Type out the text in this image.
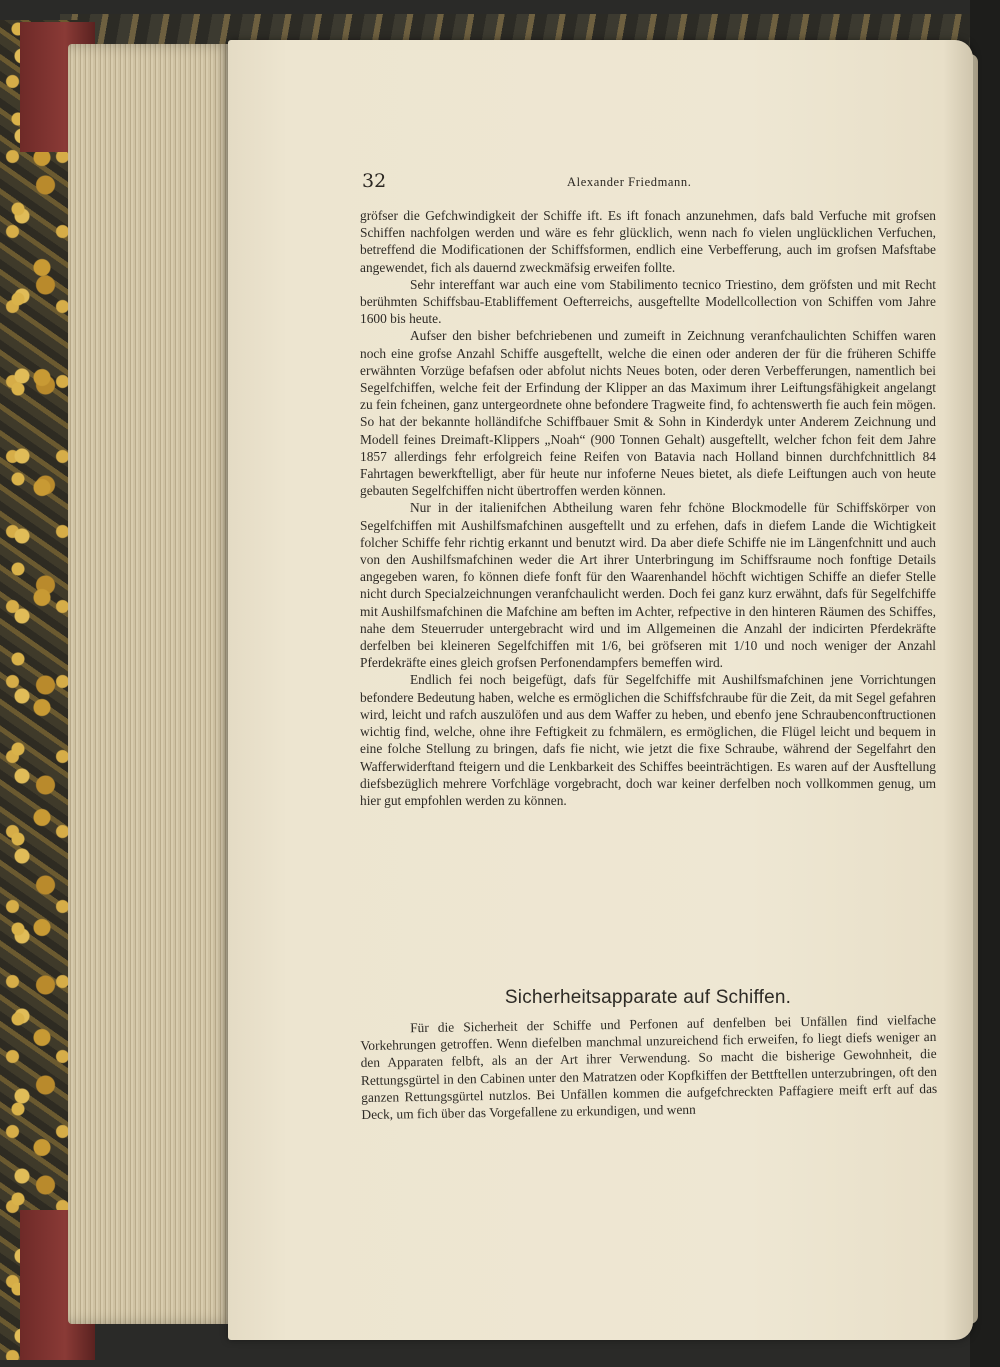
32	Alexander Friedmann.

gröfser die Gefchwindigkeit der Schiffe ift. Es ift fonach anzunehmen, dafs bald Verfuche mit grofsen Schiffen nachfolgen werden und wäre es fehr glücklich, wenn nach fo vielen unglücklichen Verfuchen, betreffend die Modificationen der Schiffsformen, endlich eine Verbefferung, auch im grofsen Mafsftabe angewendet, fich als dauernd zweckmäfsig erweifen follte.

Sehr intereffant war auch eine vom Stabilimento tecnico Triestino, dem gröfsten und mit Recht berühmten Schiffsbau-Etabliffement Oefterreichs, ausgeftellte Modellcollection von Schiffen vom Jahre 1600 bis heute.

Aufser den bisher befchriebenen und zumeift in Zeichnung veranfchaulichten Schiffen waren noch eine grofse Anzahl Schiffe ausgeftellt, welche die einen oder anderen der für die früheren Schiffe erwähnten Vorzüge befafsen oder abfolut nichts Neues boten, oder deren Verbefferungen, namentlich bei Segelfchiffen, welche feit der Erfindung der Klipper an das Maximum ihrer Leiftungsfähigkeit angelangt zu fein fcheinen, ganz untergeordnete ohne befondere Tragweite find, fo achtenswerth fie auch fein mögen. So hat der bekannte holländifche Schiffbauer Smit & Sohn in Kinderdyk unter Anderem Zeichnung und Modell feines Dreimaft-Klippers „Noah“ (900 Tonnen Gehalt) ausgeftellt, welcher fchon feit dem Jahre 1857 allerdings fehr erfolgreich feine Reifen von Batavia nach Holland binnen durchfchnittlich 84 Fahrtagen bewerkftelligt, aber für heute nur infoferne Neues bietet, als diefe Leiftungen auch von heute gebauten Segelfchiffen nicht übertroffen werden können.

Nur in der italienifchen Abtheilung waren fehr fchöne Blockmodelle für Schiffskörper von Segelfchiffen mit Aushilfsmafchinen ausgeftellt und zu erfehen, dafs in diefem Lande die Wichtigkeit folcher Schiffe fehr richtig erkannt und benutzt wird. Da aber diefe Schiffe nie im Längenfchnitt und auch von den Aushilfsmafchinen weder die Art ihrer Unterbringung im Schiffsraume noch fonftige Details angegeben waren, fo können diefe fonft für den Waarenhandel höchft wichtigen Schiffe an diefer Stelle nicht durch Specialzeichnungen veranfchaulicht werden. Doch fei ganz kurz erwähnt, dafs für Segelfchiffe mit Aushilfsmafchinen die Mafchine am beften im Achter, refpective in den hinteren Räumen des Schiffes, nahe dem Steuerruder untergebracht wird und im Allgemeinen die Anzahl der indicirten Pferdekräfte derfelben bei kleineren Segelfchiffen mit 1/6, bei gröfseren mit 1/10 und noch weniger der Anzahl Pferdekräfte eines gleich grofsen Perfonendampfers bemeffen wird.

Endlich fei noch beigefügt, dafs für Segelfchiffe mit Aushilfsmafchinen jene Vorrichtungen befondere Bedeutung haben, welche es ermöglichen die Schiffsfchraube für die Zeit, da mit Segel gefahren wird, leicht und rafch auszulöfen und aus dem Waffer zu heben, und ebenfo jene Schraubenconftructionen wichtig find, welche, ohne ihre Feftigkeit zu fchmälern, es ermöglichen, die Flügel leicht und bequem in eine folche Stellung zu bringen, dafs fie nicht, wie jetzt die fixe Schraube, während der Segelfahrt den Wafferwiderftand fteigern und die Lenkbarkeit des Schiffes beeinträchtigen. Es waren auf der Ausftellung diefsbezüglich mehrere Vorfchläge vorgebracht, doch war keiner derfelben noch vollkommen genug, um hier gut empfohlen werden zu können.

Sicherheitsapparate auf Schiffen.

Für die Sicherheit der Schiffe und Perfonen auf denfelben bei Unfällen find vielfache Vorkehrungen getroffen. Wenn diefelben manchmal unzureichend fich erweifen, fo liegt diefs weniger an den Apparaten felbft, als an der Art ihrer Verwendung. So macht die bisherige Gewohnheit, die Rettungsgürtel in den Cabinen unter den Matratzen oder Kopfkiffen der Bettftellen unterzubringen, oft den ganzen Rettungsgürtel nutzlos. Bei Unfällen kommen die aufgefchreckten Paffagiere meift erft auf das Deck, um fich über das Vorgefallene zu erkundigen, und wenn
